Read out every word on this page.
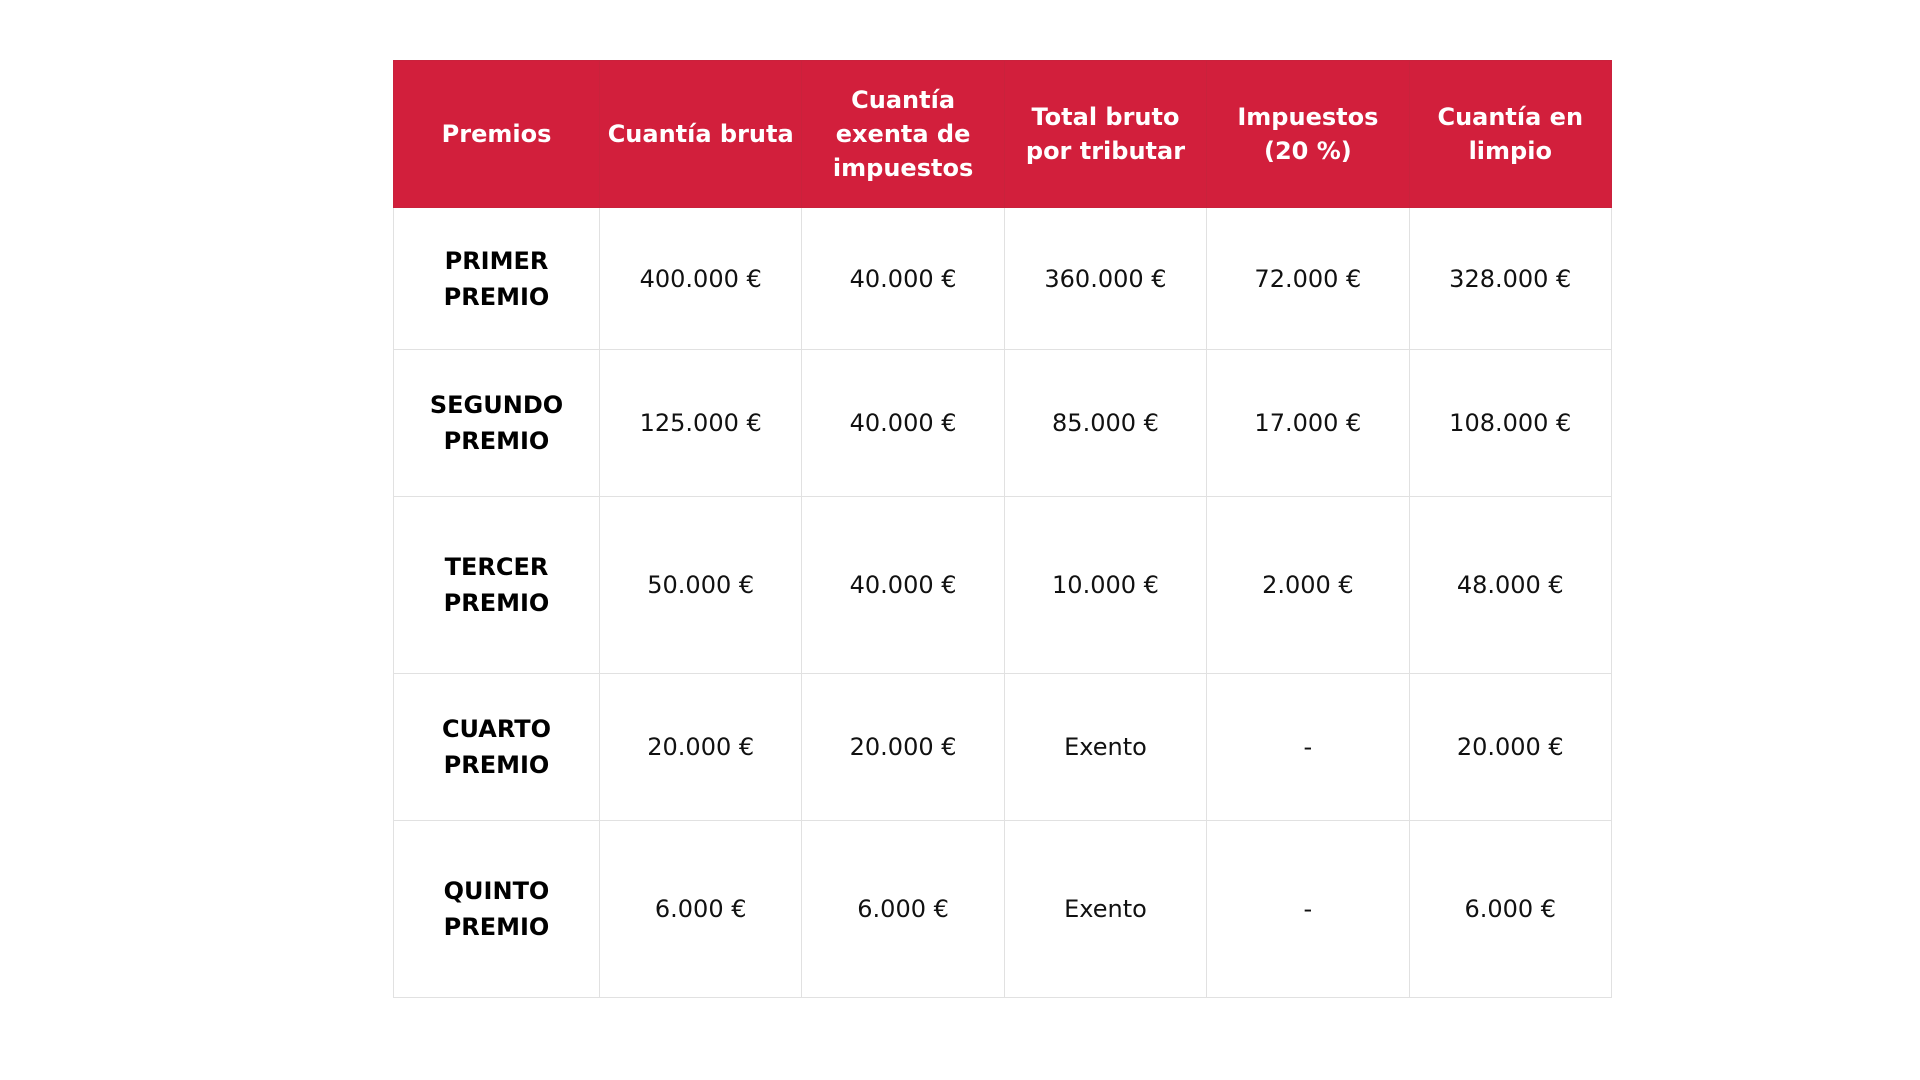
Premios	Cuantía bruta	Cuantía exenta de impuestos	Total bruto por tributar	Impuestos (20 %)	Cuantía en limpio
PRIMER PREMIO	400.000 €	40.000 €	360.000 €	72.000 €	328.000 €
SEGUNDO PREMIO	125.000 €	40.000 €	85.000 €	17.000 €	108.000 €
TERCER PREMIO	50.000 €	40.000 €	10.000 €	2.000 €	48.000 €
CUARTO PREMIO	20.000 €	20.000 €	Exento	-	20.000 €
QUINTO PREMIO	6.000 €	6.000 €	Exento	-	6.000 €
